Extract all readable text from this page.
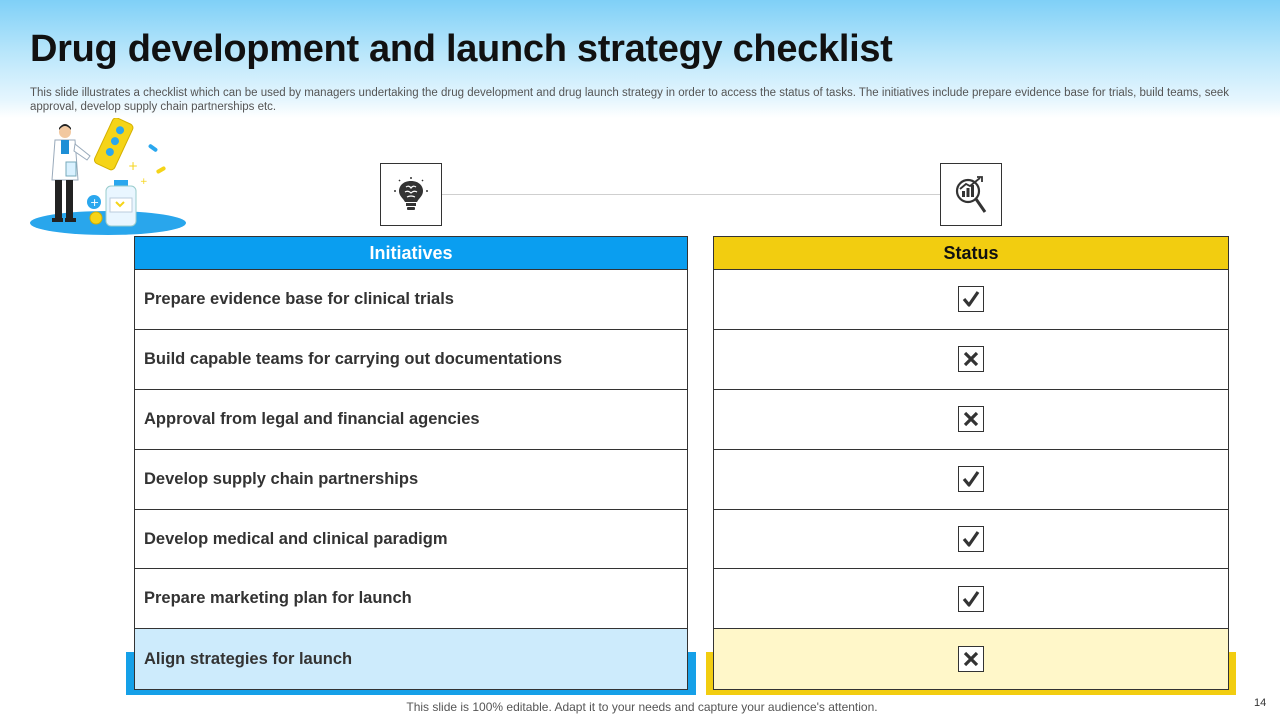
Drug development and launch strategy checklist

This slide illustrates a checklist which can be used by managers undertaking the drug development and drug launch strategy in order to access the status of tasks. The initiatives include prepare evidence base for trials, build teams, seek approval, develop supply chain partnerships etc.

+
+
+
Initiatives
Prepare evidence base for clinical trials
Build capable teams for carrying out documentations
Approval from legal and financial agencies
Develop supply chain partnerships
Develop medical and clinical paradigm
Prepare marketing plan for launch
Align strategies for launch
Status
This slide is 100% editable. Adapt it to your needs and capture your audience's attention.	14
